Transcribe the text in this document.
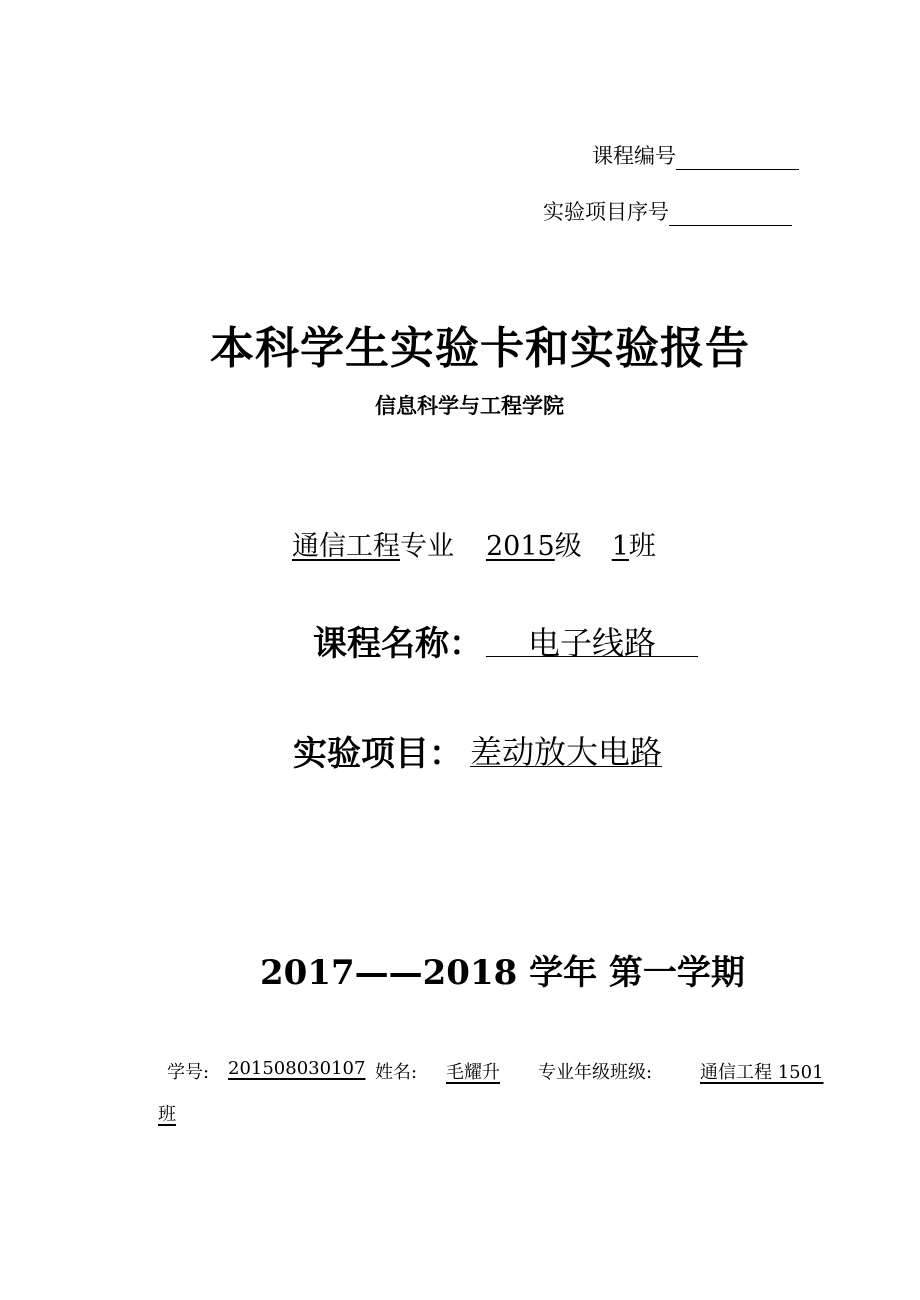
课程编号
实验项目序号
本科学生实验卡和实验报告
信息科学与工程学院
通信工程专业 2015级 1班
课程名称：	电子线路
实验项目： 差动放大电路
2017——2018 学年 第一学期
学号: 201508030107 姓名: 毛耀升 专业年级班级:	通信工程 1501
班
